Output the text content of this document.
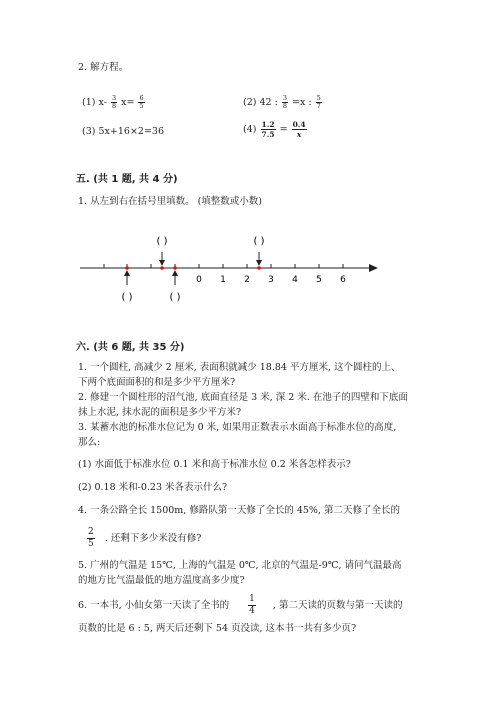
2. 解方程。
(1) $x- \frac{3}{8} x= \frac{6}{5}$	(2) 42 : $\frac{3}{8} =x$ : $\frac{5}{7}$
(3) 5x+16×2=36	$(4) \frac{1.2}{7.5} = \frac{0.4}{x}$
五. (共 1 题, 共 4 分)
1. 从左到右在括号里填数。 (填整数或小数)
0 1 2 3 4 5 6
( )	( )
( )	( )
六. (共 6 题, 共 35 分)
1. 一个圆柱, 高减少 2 厘米, 表面积就减少 18.84 平方厘米, 这个圆柱的上、
下两个底面面积的和是多少平方厘米?
2. 修建一个圆柱形的沼气池, 底面直径是 3 米, 深 2 米. 在池子的四壁和下底面
抹上水泥, 抹水泥的面积是多少平方米?
3. 某蓄水池的标准水位记为 0 米, 如果用正数表示水面高于标准水位的高度,
那么:
(1) 水面低于标准水位 0.1 米和高于标准水位 0.2 米各怎样表示?
(2) 0.18 米和-0.23 米各表示什么?
4. 一条公路全长 1500m, 修路队第一天修了全长的 45%, 第二天修了全长的
$\frac{2}{5}$ . 还剩下多少米没有修?
5. 广州的气温是 15℃, 上海的气温是 0℃, 北京的气温是-9℃, 请问气温最高
的地方比气温最低的地方温度高多少度?
6. 一本书, 小仙女第一天读了全书的 $\frac{1}{4}$ , 第二天读的页数与第一天读的
页数的比是 6 : 5, 两天后还剩下 54 页没读, 这本书一共有多少页?
